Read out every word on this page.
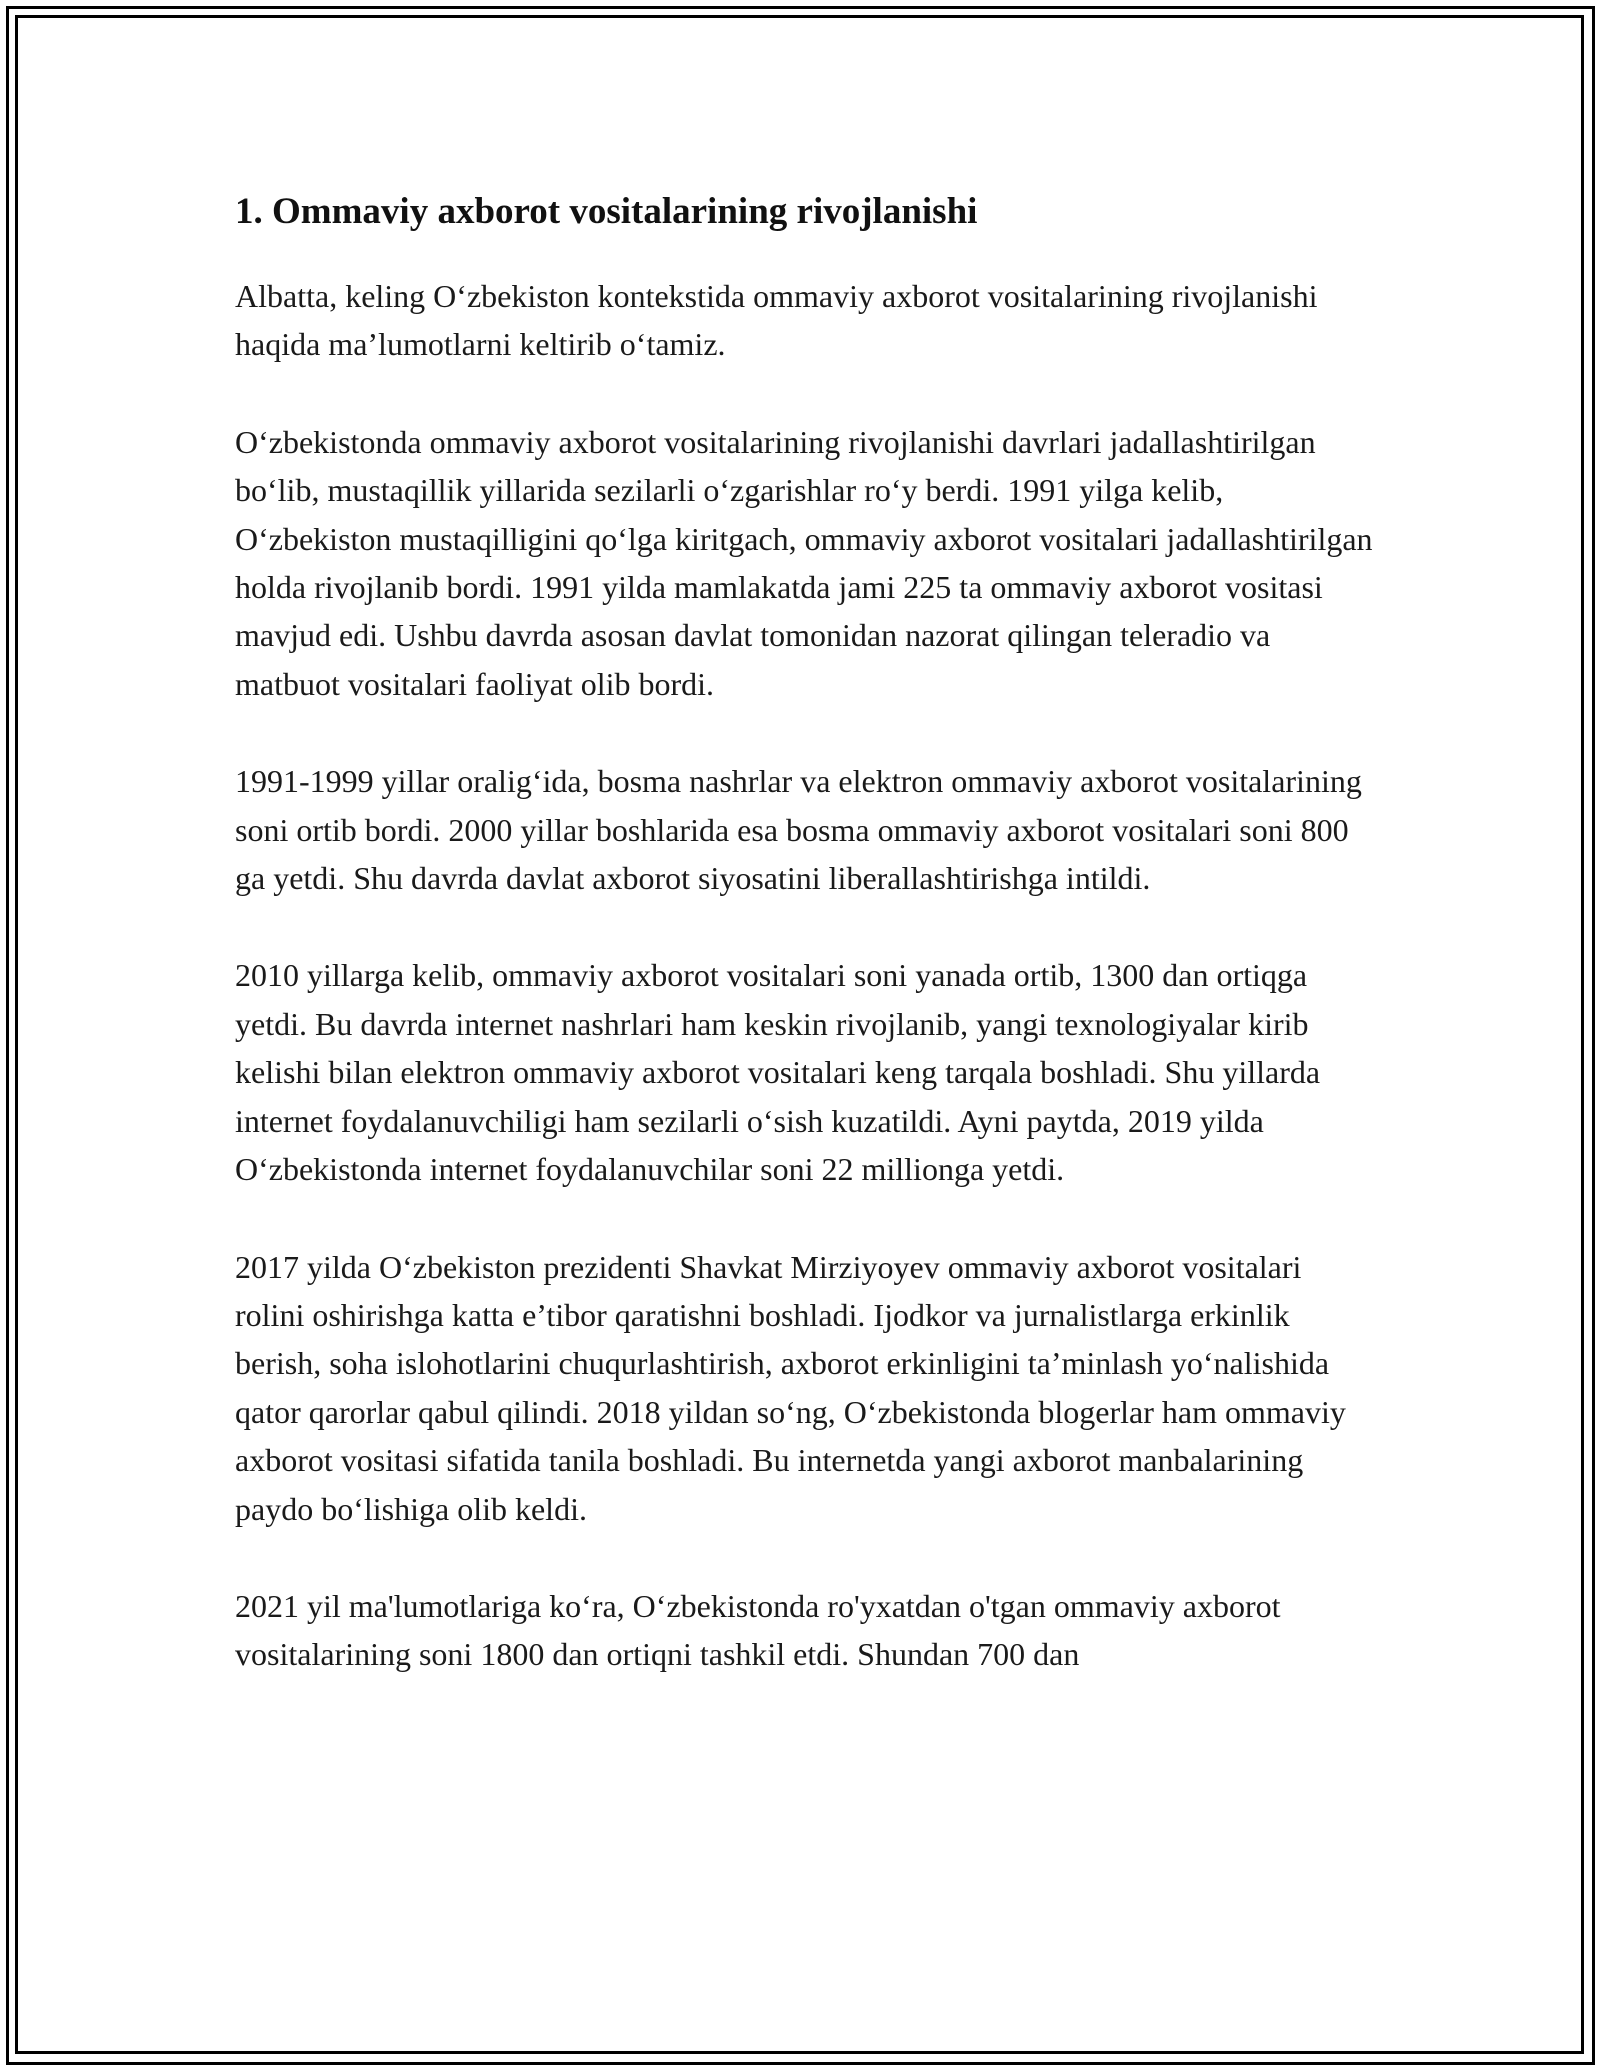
1. Ommaviy axborot vositalarining rivojlanishi

Albatta, keling O‘zbekiston kontekstida ommaviy axborot vositalarining rivojlanishi haqida ma’lumotlarni keltirib o‘tamiz.

O‘zbekistonda ommaviy axborot vositalarining rivojlanishi davrlari jadallashtirilgan bo‘lib, mustaqillik yillarida sezilarli o‘zgarishlar ro‘y berdi. 1991 yilga kelib, O‘zbekiston mustaqilligini qo‘lga kiritgach, ommaviy axborot vositalari jadallashtirilgan holda rivojlanib bordi. 1991 yilda mamlakatda jami 225 ta ommaviy axborot vositasi mavjud edi. Ushbu davrda asosan davlat tomonidan nazorat qilingan teleradio va matbuot vositalari faoliyat olib bordi.

1991-1999 yillar oralig‘ida, bosma nashrlar va elektron ommaviy axborot vositalarining soni ortib bordi. 2000 yillar boshlarida esa bosma ommaviy axborot vositalari soni 800 ga yetdi. Shu davrda davlat axborot siyosatini liberallashtirishga intildi.

2010 yillarga kelib, ommaviy axborot vositalari soni yanada ortib, 1300 dan ortiqga yetdi. Bu davrda internet nashrlari ham keskin rivojlanib, yangi texnologiyalar kirib kelishi bilan elektron ommaviy axborot vositalari keng tarqala boshladi. Shu yillarda internet foydalanuvchiligi ham sezilarli o‘sish kuzatildi. Ayni paytda, 2019 yilda O‘zbekistonda internet foydalanuvchilar soni 22 millionga yetdi.

2017 yilda O‘zbekiston prezidenti Shavkat Mirziyoyev ommaviy axborot vositalari rolini oshirishga katta e’tibor qaratishni boshladi. Ijodkor va jurnalistlarga erkinlik berish, soha islohotlarini chuqurlashtirish, axborot erkinligini ta’minlash yo‘nalishida qator qarorlar qabul qilindi. 2018 yildan so‘ng, O‘zbekistonda blogerlar ham ommaviy axborot vositasi sifatida tanila boshladi. Bu internetda yangi axborot manbalarining paydo bo‘lishiga olib keldi.

2021 yil ma'lumotlariga ko‘ra, O‘zbekistonda ro'yxatdan o'tgan ommaviy axborot vositalarining soni 1800 dan ortiqni tashkil etdi. Shundan 700 dan
